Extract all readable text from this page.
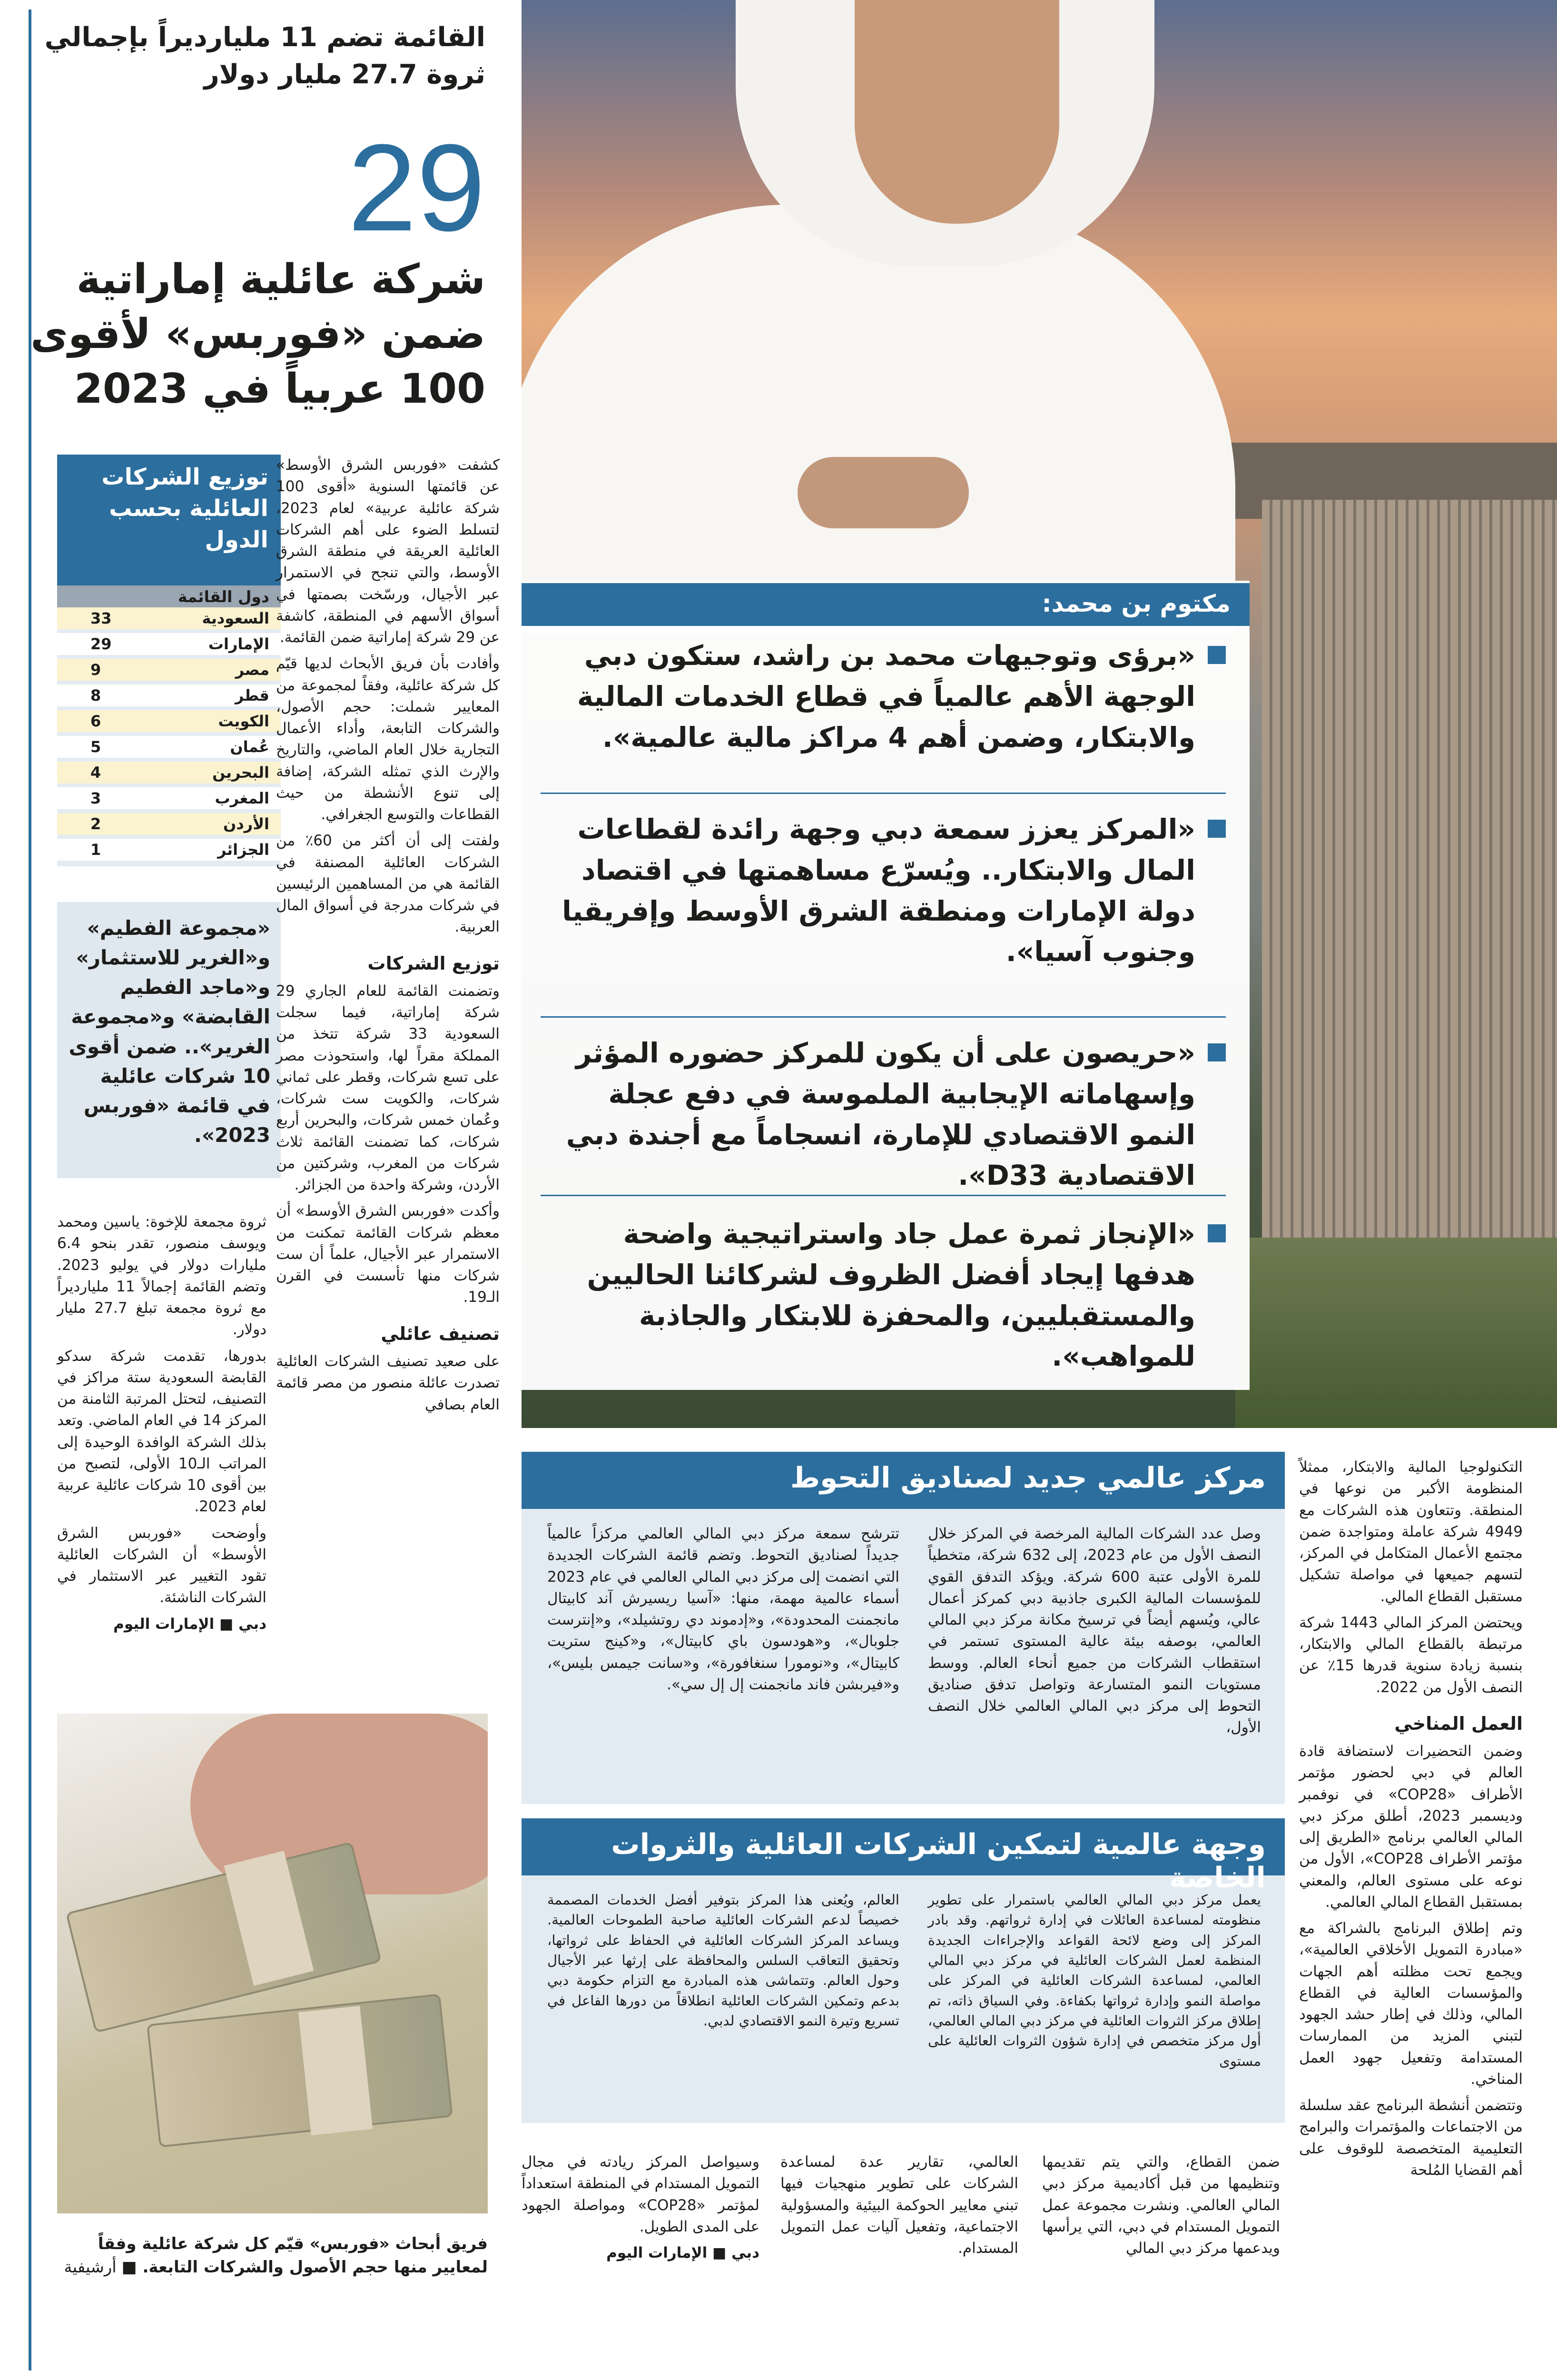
مكتوم بن محمد:
«برؤى وتوجيهات محمد بن راشد، ستكون دبي الوجهة الأهم عالمياً في قطاع الخدمات المالية والابتكار، وضمن أهم 4 مراكز مالية عالمية».
«المركز يعزز سمعة دبي وجهة رائدة لقطاعات المال والابتكار.. ويُسرّع مساهمتها في اقتصاد دولة الإمارات ومنطقة الشرق الأوسط وإفريقيا وجنوب آسيا».
«حريصون على أن يكون للمركز حضوره المؤثر وإسهاماته الإيجابية الملموسة في دفع عجلة النمو الاقتصادي للإمارة، انسجاماً مع أجندة دبي الاقتصادية D33».
«الإنجاز ثمرة عمل جاد واستراتيجية واضحة هدفها إيجاد أفضل الظروف لشركائنا الحاليين والمستقبليين، والمحفزة للابتكار والجاذبة للمواهب».
القائمة تضم 11 مليارديراً بإجمالي ثروة 27.7 مليار دولار
29
شركة عائلية إماراتية ضمن «فوربس» لأقوى 100 عربياً في 2023
توزيع الشركات العائلية بحسب الدول
دول القائمة
السعودية
33
الإمارات
29
مصر
9
قطر
8
الكويت
6
عُمان
5
البحرين
4
المغرب
3
الأردن
2
الجزائر
1
«مجموعة الفطيم» و«الغرير للاستثمار» و«ماجد الفطيم القابضة» و«مجموعة الغرير».. ضمن أقوى 10 شركات عائلية في قائمة «فوربس 2023».

كشفت «فوربس الشرق الأوسط» عن قائمتها السنوية «أقوى 100 شركة عائلية عربية» لعام 2023، لتسلط الضوء على أهم الشركات العائلية العريقة في منطقة الشرق الأوسط، والتي تنجح في الاستمرار عبر الأجيال، ورسّخت بصمتها في أسواق الأسهم في المنطقة، كاشفة عن 29 شركة إماراتية ضمن القائمة.

وأفادت بأن فريق الأبحاث لديها قيّم كل شركة عائلية، وفقاً لمجموعة من المعايير شملت: حجم الأصول، والشركات التابعة، وأداء الأعمال التجارية خلال العام الماضي، والتاريخ والإرث الذي تمثله الشركة، إضافة إلى تنوع الأنشطة من حيث القطاعات والتوسع الجغرافي.

ولفتت إلى أن أكثر من 60٪ من الشركات العائلية المصنفة في القائمة هي من المساهمين الرئيسين في شركات مدرجة في أسواق المال العربية.

توزيع الشركات

وتضمنت القائمة للعام الجاري 29 شركة إماراتية، فيما سجلت السعودية 33 شركة تتخذ من المملكة مقراً لها، واستحوذت مصر على تسع شركات، وقطر على ثماني شركات، والكويت ست شركات، وعُمان خمس شركات، والبحرين أربع شركات، كما تضمنت القائمة ثلاث شركات من المغرب، وشركتين من الأردن، وشركة واحدة من الجزائر.

وأكدت «فوربس الشرق الأوسط» أن معظم شركات القائمة تمكنت من الاستمرار عبر الأجيال، علماً أن ست شركات منها تأسست في القرن الـ19.

تصنيف عائلي

على صعيد تصنيف الشركات العائلية تصدرت عائلة منصور من مصر قائمة العام بصافي

ثروة مجمعة للإخوة: ياسين ومحمد ويوسف منصور، تقدر بنحو 6.4 مليارات دولار في يوليو 2023. وتضم القائمة إجمالاً 11 مليارديراً مع ثروة مجمعة تبلغ 27.7 مليار دولار.

بدورها، تقدمت شركة سدكو القابضة السعودية ستة مراكز في التصنيف، لتحتل المرتبة الثامنة من المركز 14 في العام الماضي. وتعد بذلك الشركة الوافدة الوحيدة إلى المراتب الـ10 الأولى، لتصبح من بين أقوى 10 شركات عائلية عربية لعام 2023.

وأوضحت «فوربس الشرق الأوسط» أن الشركات العائلية تقود التغيير عبر الاستثمار في الشركات الناشئة.

دبي ■ الإمارات اليوم
فريق أبحاث «فوربس» قيّم كل شركة عائلية وفقاً لمعايير منها حجم الأصول والشركات التابعة. ■ أرشيفية
مركز عالمي جديد لصناديق التحوط
وصل عدد الشركات المالية المرخصة في المركز خلال النصف الأول من عام 2023، إلى 632 شركة، متخطياً للمرة الأولى عتبة 600 شركة. ويؤكد التدفق القوي للمؤسسات المالية الكبرى جاذبية دبي كمركز أعمال عالي، ويُسهم أيضاً في ترسيخ مكانة مركز دبي المالي العالمي، بوصفه بيئة عالية المستوى تستمر في استقطاب الشركات من جميع أنحاء العالم. ووسط مستويات النمو المتسارعة وتواصل تدفق صناديق التحوط إلى مركز دبي المالي العالمي خلال النصف الأول،
تترشح سمعة مركز دبي المالي العالمي مركزاً عالمياً جديداً لصناديق التحوط. وتضم قائمة الشركات الجديدة التي انضمت إلى مركز دبي المالي العالمي في عام 2023 أسماء عالمية مهمة، منها: «آسيا ريسيرش آند كابيتال مانجمنت المحدودة»، و«إدموند دي روتشيلد»، و«إنترست جلوبال»، و«هودسون باي كابيتال»، و«كينج ستريت كابيتال»، و«نومورا سنغافورة»، و«سانت جيمس بليس»، و«فيربشن فاند مانجمنت إل إل سي».
وجهة عالمية لتمكين الشركات العائلية والثروات الخاصة
يعمل مركز دبي المالي العالمي باستمرار على تطوير منظومته لمساعدة العائلات في إدارة ثرواتهم. وقد بادر المركز إلى وضع لائحة القواعد والإجراءات الجديدة المنظمة لعمل الشركات العائلية في مركز دبي المالي العالمي، لمساعدة الشركات العائلية في المركز على مواصلة النمو وإدارة ثرواتها بكفاءة. وفي السياق ذاته، تم إطلاق مركز الثروات العائلية في مركز دبي المالي العالمي، أول مركز متخصص في إدارة شؤون الثروات العائلية على مستوى
العالم، ويُعنى هذا المركز بتوفير أفضل الخدمات المصممة خصيصاً لدعم الشركات العائلية صاحبة الطموحات العالمية. ويساعد المركز الشركات العائلية في الحفاظ على ثرواتها، وتحقيق التعاقب السلس والمحافظة على إرثها عبر الأجيال وحول العالم. وتتماشى هذه المبادرة مع التزام حكومة دبي بدعم وتمكين الشركات العائلية انطلاقاً من دورها الفاعل في تسريع وتيرة النمو الاقتصادي لدبي.

التكنولوجيا المالية والابتكار، ممثلاً المنظومة الأكبر من نوعها في المنطقة. وتتعاون هذه الشركات مع 4949 شركة عاملة ومتواجدة ضمن مجتمع الأعمال المتكامل في المركز، لتسهم جميعها في مواصلة تشكيل مستقبل القطاع المالي.

ويحتضن المركز المالي 1443 شركة مرتبطة بالقطاع المالي والابتكار، بنسبة زيادة سنوية قدرها 15٪ عن النصف الأول من 2022.

العمل المناخي

وضمن التحضيرات لاستضافة قادة العالم في دبي لحضور مؤتمر الأطراف «COP28» في نوفمبر وديسمبر 2023، أطلق مركز دبي المالي العالمي برنامج «الطريق إلى مؤتمر الأطراف COP28»، الأول من نوعه على مستوى العالم، والمعني بمستقبل القطاع المالي العالمي.

وتم إطلاق البرنامج بالشراكة مع «مبادرة التمويل الأخلاقي العالمية»، ويجمع تحت مظلته أهم الجهات والمؤسسات العالية في القطاع المالي، وذلك في إطار حشد الجهود لتبني المزيد من الممارسات المستدامة وتفعيل جهود العمل المناخي.

وتتضمن أنشطة البرنامج عقد سلسلة من الاجتماعات والمؤتمرات والبرامج التعليمية المتخصصة للوقوف على أهم القضايا المُلحة

ضمن القطاع، والتي يتم تقديمها وتنظيمها من قبل أكاديمية مركز دبي المالي العالمي. ونشرت مجموعة عمل التمويل المستدام في دبي، التي يرأسها ويدعمها مركز دبي المالي
العالمي، تقارير عدة لمساعدة الشركات على تطوير منهجيات فيها تبني معايير الحوكمة البيئية والمسؤولية الاجتماعية، وتفعيل آليات عمل التمويل المستدام.

وسيواصل المركز ريادته في مجال التمويل المستدام في المنطقة استعداداً لمؤتمر «COP28» ومواصلة الجهود على المدى الطويل.

دبي ■ الإمارات اليوم
